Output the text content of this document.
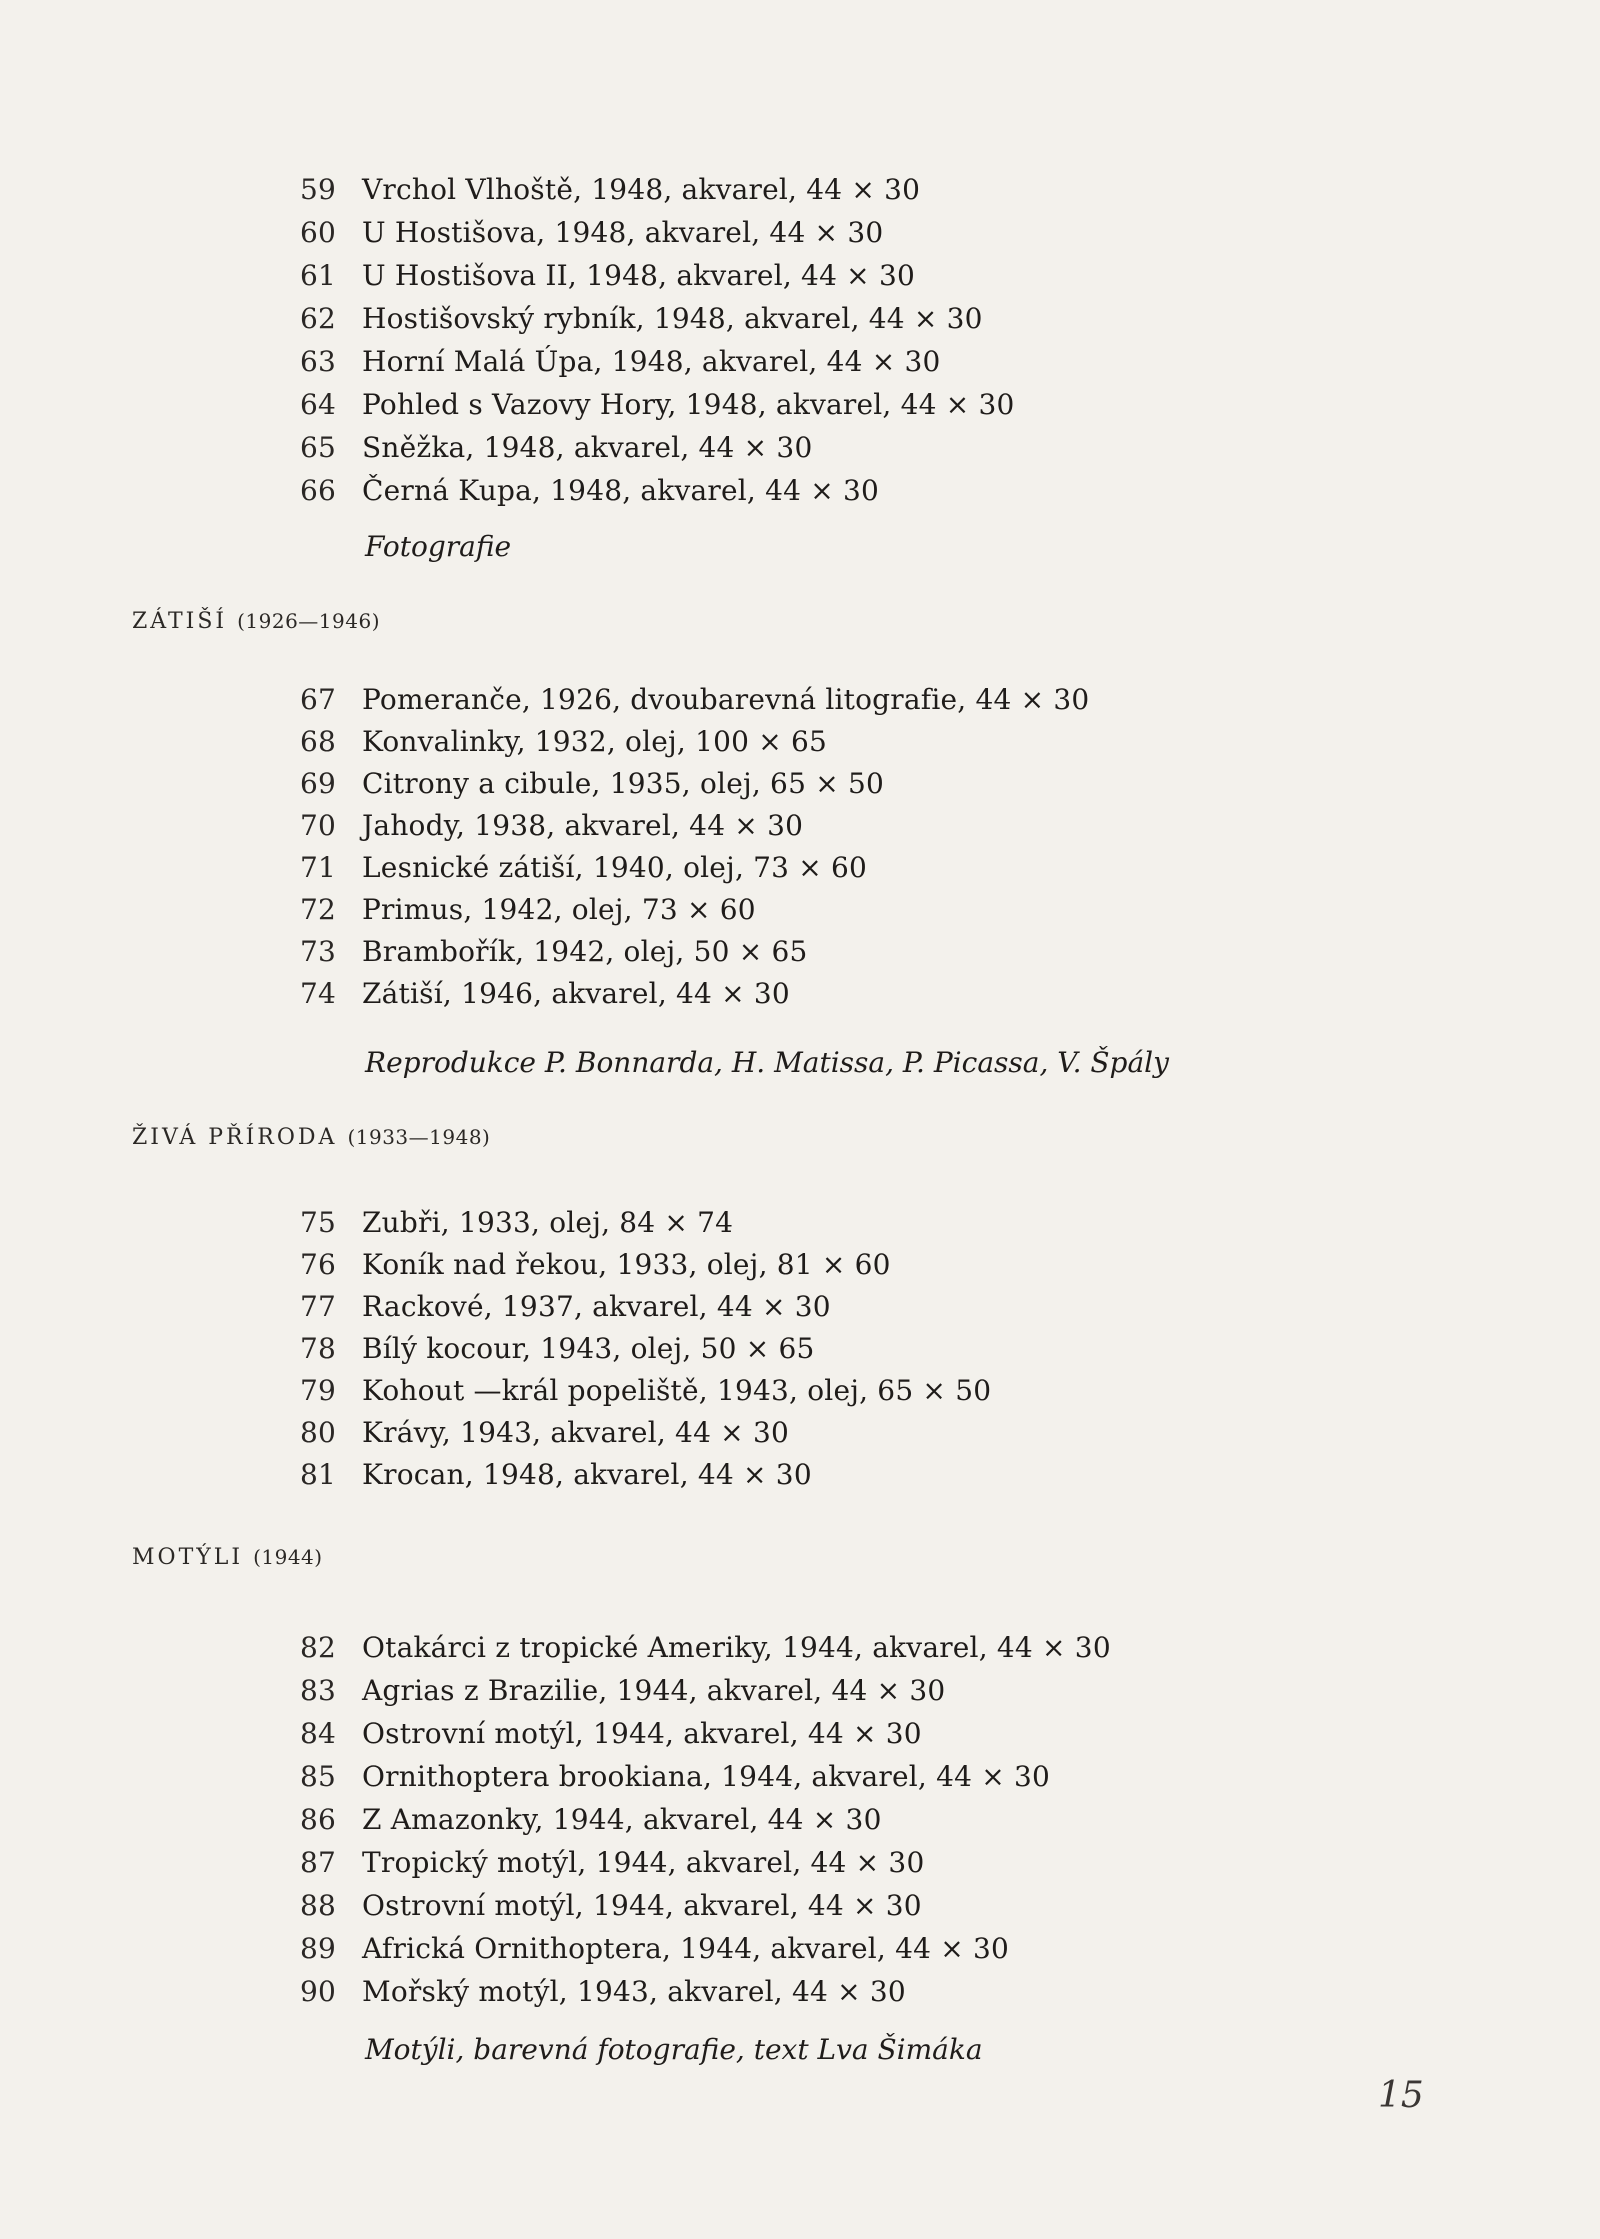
59 Vrchol Vlhoště, 1948, akvarel, 44 × 30
60 U Hostišova, 1948, akvarel, 44 × 30
61 U Hostišova II, 1948, akvarel, 44 × 30
62 Hostišovský rybník, 1948, akvarel, 44 × 30
63 Horní Malá Úpa, 1948, akvarel, 44 × 30
64 Pohled s Vazovy Hory, 1948, akvarel, 44 × 30
65 Sněžka, 1948, akvarel, 44 × 30
66 Černá Kupa, 1948, akvarel, 44 × 30
Fotografie
ZÁTIŠÍ (1926—1946)
67 Pomeranče, 1926, dvoubarevná litografie, 44 × 30
68 Konvalinky, 1932, olej, 100 × 65
69 Citrony a cibule, 1935, olej, 65 × 50
70 Jahody, 1938, akvarel, 44 × 30
71 Lesnické zátiší, 1940, olej, 73 × 60
72 Primus, 1942, olej, 73 × 60
73 Brambořík, 1942, olej, 50 × 65
74 Zátiší, 1946, akvarel, 44 × 30
Reprodukce P. Bonnarda, H. Matissa, P. Picassa, V. Špály
ŽIVÁ PŘÍRODA (1933—1948)
75 Zubři, 1933, olej, 84 × 74
76 Koník nad řekou, 1933, olej, 81 × 60
77 Rackové, 1937, akvarel, 44 × 30
78 Bílý kocour, 1943, olej, 50 × 65
79 Kohout —král popeliště, 1943, olej, 65 × 50
80 Krávy, 1943, akvarel, 44 × 30
81 Krocan, 1948, akvarel, 44 × 30
MOTÝLI (1944)
82 Otakárci z tropické Ameriky, 1944, akvarel, 44 × 30
83 Agrias z Brazilie, 1944, akvarel, 44 × 30
84 Ostrovní motýl, 1944, akvarel, 44 × 30
85 Ornithoptera brookiana, 1944, akvarel, 44 × 30
86 Z Amazonky, 1944, akvarel, 44 × 30
87 Tropický motýl, 1944, akvarel, 44 × 30
88 Ostrovní motýl, 1944, akvarel, 44 × 30
89 Africká Ornithoptera, 1944, akvarel, 44 × 30
90 Mořský motýl, 1943, akvarel, 44 × 30
Motýli, barevná fotografie, text Lva Šimáka
15
